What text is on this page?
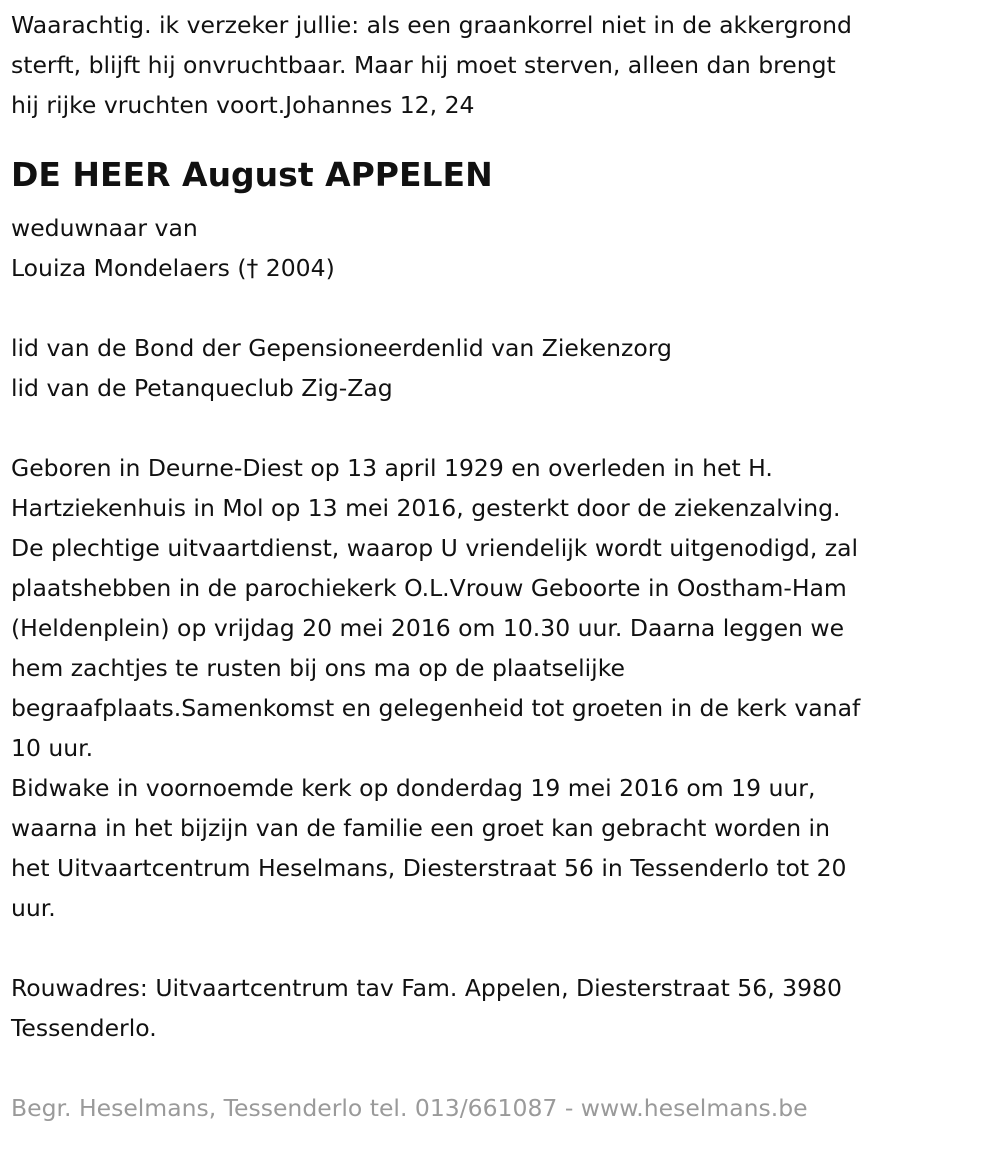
Waarachtig. ik verzeker jullie: als een graankorrel niet in de akkergrond
sterft, blijft hij onvruchtbaar. Maar hij moet sterven, alleen dan brengt
hij rijke vruchten voort.Johannes 12, 24
DE HEER August APPELEN
weduwnaar van
Louiza Mondelaers († 2004)
lid van de Bond der Gepensioneerdenlid van Ziekenzorg
lid van de Petanqueclub Zig-Zag
Geboren in Deurne-Diest op 13 april 1929 en overleden in het H.
Hartziekenhuis in Mol op 13 mei 2016, gesterkt door de ziekenzalving.
De plechtige uitvaartdienst, waarop U vriendelijk wordt uitgenodigd, zal
plaatshebben in de parochiekerk O.L.Vrouw Geboorte in Oostham-Ham
(Heldenplein) op vrijdag 20 mei 2016 om 10.30 uur. Daarna leggen we
hem zachtjes te rusten bij ons ma op de plaatselijke
begraafplaats.Samenkomst en gelegenheid tot groeten in de kerk vanaf
10 uur.
Bidwake in voornoemde kerk op donderdag 19 mei 2016 om 19 uur,
waarna in het bijzijn van de familie een groet kan gebracht worden in
het Uitvaartcentrum Heselmans, Diesterstraat 56 in Tessenderlo tot 20
uur.
Rouwadres: Uitvaartcentrum tav Fam. Appelen, Diesterstraat 56, 3980
Tessenderlo.
Begr. Heselmans, Tessenderlo tel. 013/661087 - www.heselmans.be
